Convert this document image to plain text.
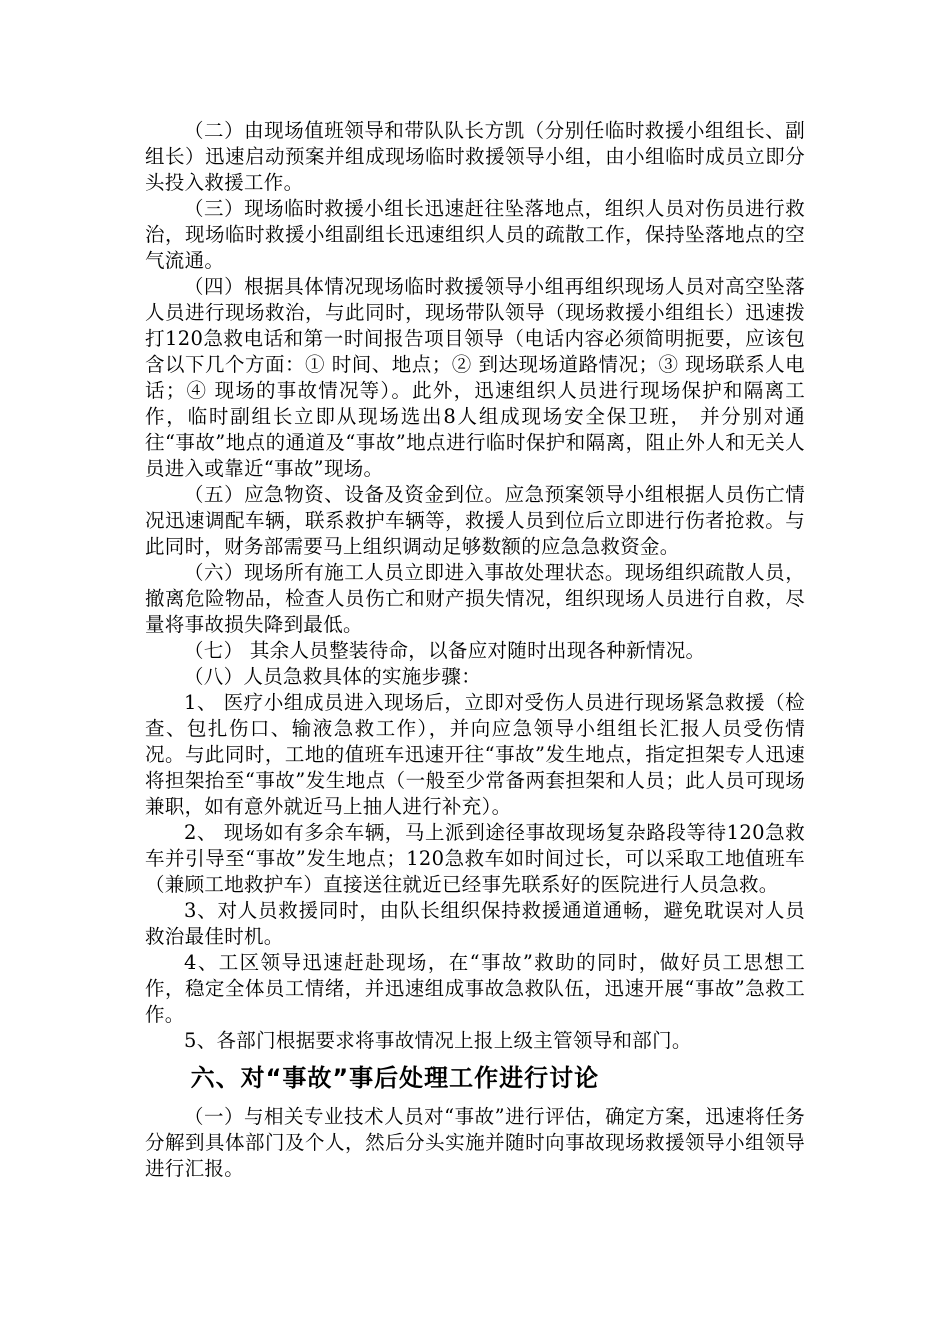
（二）由现场值班领导和带队队长方凯（分别任临时救援小组组长、副组长）迅速启动预案并组成现场临时救援领导小组，由小组临时成员立即分头投入救援工作。

（三）现场临时救援小组长迅速赶往坠落地点，组织人员对伤员进行救治，现场临时救援小组副组长迅速组织人员的疏散工作，保持坠落地点的空气流通。

（四）根据具体情况现场临时救援领导小组再组织现场人员对高空坠落人员进行现场救治，与此同时，现场带队领导（现场救援小组组长）迅速拨打120急救电话和第一时间报告项目领导（电话内容必须简明扼要，应该包含以下几个方面：① 时间、地点；② 到达现场道路情况；③ 现场联系人电话；④ 现场的事故情况等）。此外，迅速组织人员进行现场保护和隔离工作，临时副组长立即从现场选出8人组成现场安全保卫班， 并分别对通往“事故”地点的通道及“事故”地点进行临时保护和隔离，阻止外人和无关人员进入或靠近“事故”现场。

（五）应急物资、设备及资金到位。应急预案领导小组根据人员伤亡情况迅速调配车辆，联系救护车辆等，救援人员到位后立即进行伤者抢救。与此同时，财务部需要马上组织调动足够数额的应急急救资金。

（六）现场所有施工人员立即进入事故处理状态。现场组织疏散人员，撤离危险物品，检查人员伤亡和财产损失情况，组织现场人员进行自救，尽量将事故损失降到最低。

（七） 其余人员整装待命，以备应对随时出现各种新情况。

（八）人员急救具体的实施步骤：

1、 医疗小组成员进入现场后，立即对受伤人员进行现场紧急救援（检查、包扎伤口、输液急救工作），并向应急领导小组组长汇报人员受伤情况。与此同时，工地的值班车迅速开往“事故”发生地点，指定担架专人迅速将担架抬至“事故”发生地点（一般至少常备两套担架和人员；此人员可现场兼职，如有意外就近马上抽人进行补充）。

2、 现场如有多余车辆，马上派到途径事故现场复杂路段等待120急救车并引导至“事故”发生地点；120急救车如时间过长，可以采取工地值班车（兼顾工地救护车）直接送往就近已经事先联系好的医院进行人员急救。

3、对人员救援同时，由队长组织保持救援通道通畅，避免耽误对人员救治最佳时机。

4、工区领导迅速赶赴现场，在“事故”救助的同时，做好员工思想工作，稳定全体员工情绪，并迅速组成事故急救队伍，迅速开展“事故”急救工作。

5、各部门根据要求将事故情况上报上级主管领导和部门。

六、对“事故”事后处理工作进行讨论

（一）与相关专业技术人员对“事故”进行评估，确定方案，迅速将任务分解到具体部门及个人，然后分头实施并随时向事故现场救援领导小组领导进行汇报。
